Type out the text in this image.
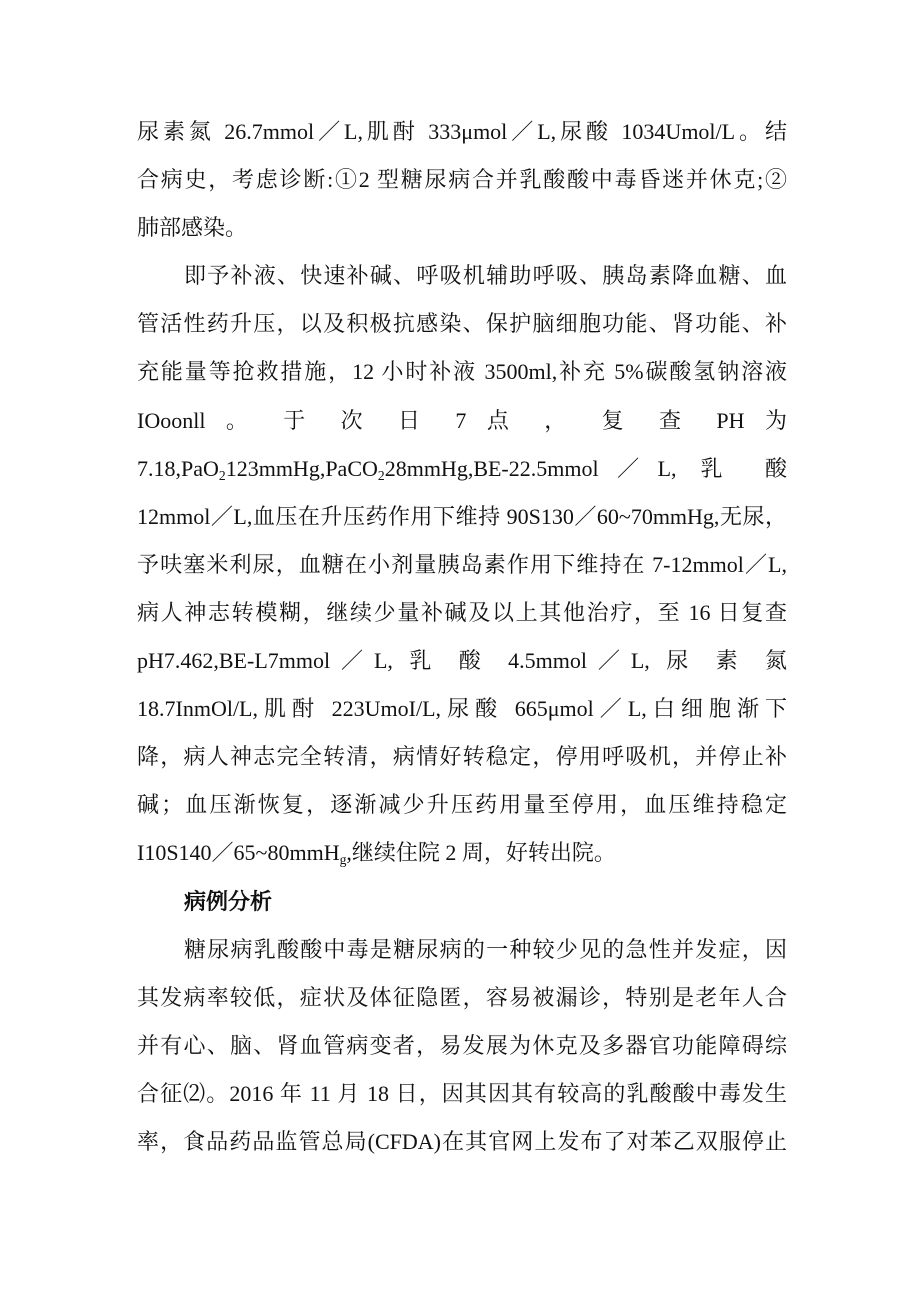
尿素氮 26.7mmol／L,肌酎 333μmol／L,尿酸 1034Umol/L。结
合病史，考虑诊断:①2 型糖尿病合并乳酸酸中毒昏迷并休克;②
肺部感染。
即予补液、快速补碱、呼吸机辅助呼吸、胰岛素降血糖、血
管活性药升压，以及积极抗感染、保护脑细胞功能、肾功能、补
充能量等抢救措施，12 小时补液 3500ml,补充 5%碳酸氢钠溶液
IOoonll 。 于 次 日 7 点 ， 复 查 PH 为
7.18,PaO$_2$123mmHg,PaCO$_2$28mmHg,BE-22.5mmol／L, 乳 酸
12mmol／L,血压在升压药作用下维持 90S130／60~70mmHg,无尿，
予呋塞米利尿，血糖在小剂量胰岛素作用下维持在 7-12mmol／L,
病人神志转模糊，继续少量补碱及以上其他治疗，至 16 日复查
pH7.462,BE-L7mmol／L, 乳 酸 4.5mmol／L, 尿 素 氮
18.7InmOl/L,肌酎 223UmoI/L,尿酸 665μmol／L,白细胞渐下
降，病人神志完全转清，病情好转稳定，停用呼吸机，并停止补
碱；血压渐恢复，逐渐减少升压药用量至停用，血压维持稳定
I10S140／65~80mmH$_g$,继续住院 2 周，好转出院。
病例分析
糖尿病乳酸酸中毒是糖尿病的一种较少见的急性并发症，因
其发病率较低，症状及体征隐匿，容易被漏诊，特别是老年人合
并有心、脑、肾血管病变者，易发展为休克及多器官功能障碍综
合征⑵。2016 年 11 月 18 日，因其因其有较高的乳酸酸中毒发生
率，食品药品监管总局(CFDA)在其官网上发布了对苯乙双服停止
